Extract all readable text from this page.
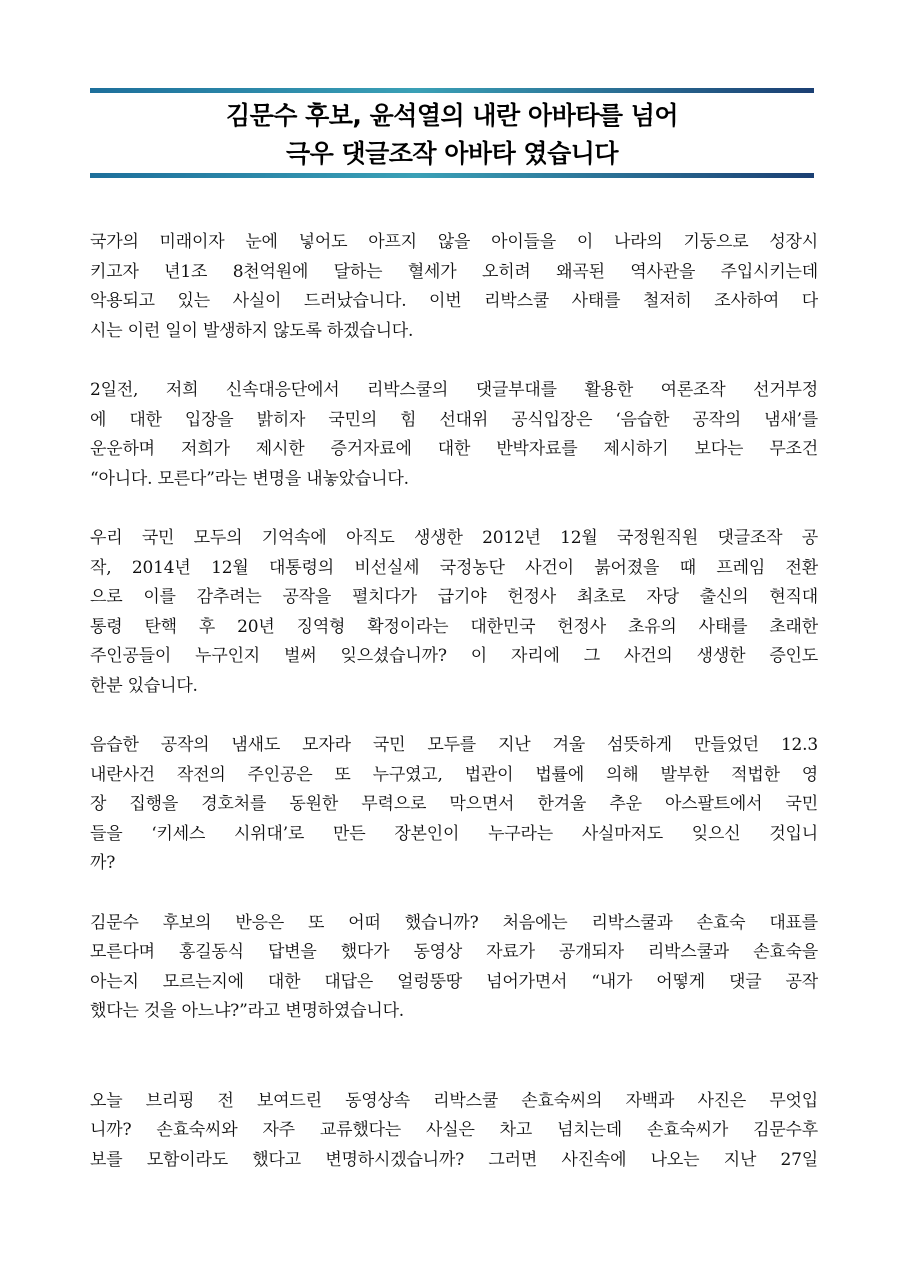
김문수 후보, 윤석열의 내란 아바타를 넘어
극우 댓글조작 아바타 였습니다

국가의 미래이자 눈에 넣어도 아프지 않을 아이들을 이 나라의 기둥으로 성장시
키고자 년1조 8천억원에 달하는 혈세가 오히려 왜곡된 역사관을 주입시키는데
악용되고 있는 사실이 드러났습니다. 이번 리박스쿨 사태를 철저히 조사하여 다
시는 이런 일이 발생하지 않도록 하겠습니다.

2일전, 저희 신속대응단에서 리박스쿨의 댓글부대를 활용한 여론조작 선거부정
에 대한 입장을 밝히자 국민의 힘 선대위 공식입장은 ‘음습한 공작의 냄새’를
운운하며 저희가 제시한 증거자료에 대한 반박자료를 제시하기 보다는 무조건
“아니다. 모른다”라는 변명을 내놓았습니다.

우리 국민 모두의 기억속에 아직도 생생한 2012년 12월 국정원직원 댓글조작 공
작, 2014년 12월 대통령의 비선실세 국정농단 사건이 붉어졌을 때 프레임 전환
으로 이를 감추려는 공작을 펼치다가 급기야 헌정사 최초로 자당 출신의 현직대
통령 탄핵 후 20년 징역형 확정이라는 대한민국 헌정사 초유의 사태를 초래한
주인공들이 누구인지 벌써 잊으셨습니까? 이 자리에 그 사건의 생생한 증인도
한분 있습니다.

음습한 공작의 냄새도 모자라 국민 모두를 지난 겨울 섬뜻하게 만들었던 12.3
내란사건 작전의 주인공은 또 누구였고, 법관이 법률에 의해 발부한 적법한 영
장 집행을 경호처를 동원한 무력으로 막으면서 한겨울 추운 아스팔트에서 국민
들을 ‘키세스 시위대’로 만든 장본인이 누구라는 사실마저도 잊으신 것입니
까?

김문수 후보의 반응은 또 어떠 했습니까? 처음에는 리박스쿨과 손효숙 대표를
모른다며 홍길동식 답변을 했다가 동영상 자료가 공개되자 리박스쿨과 손효숙을
아는지 모르는지에 대한 대답은 얼렁뚱땅 넘어가면서 “내가 어떻게 댓글 공작
했다는 것을 아느냐?”라고 변명하였습니다.

오늘 브리핑 전 보여드린 동영상속 리박스쿨 손효숙씨의 자백과 사진은 무엇입
니까? 손효숙씨와 자주 교류했다는 사실은 차고 넘치는데 손효숙씨가 김문수후
보를 모함이라도 했다고 변명하시겠습니까? 그러면 사진속에 나오는 지난 27일
